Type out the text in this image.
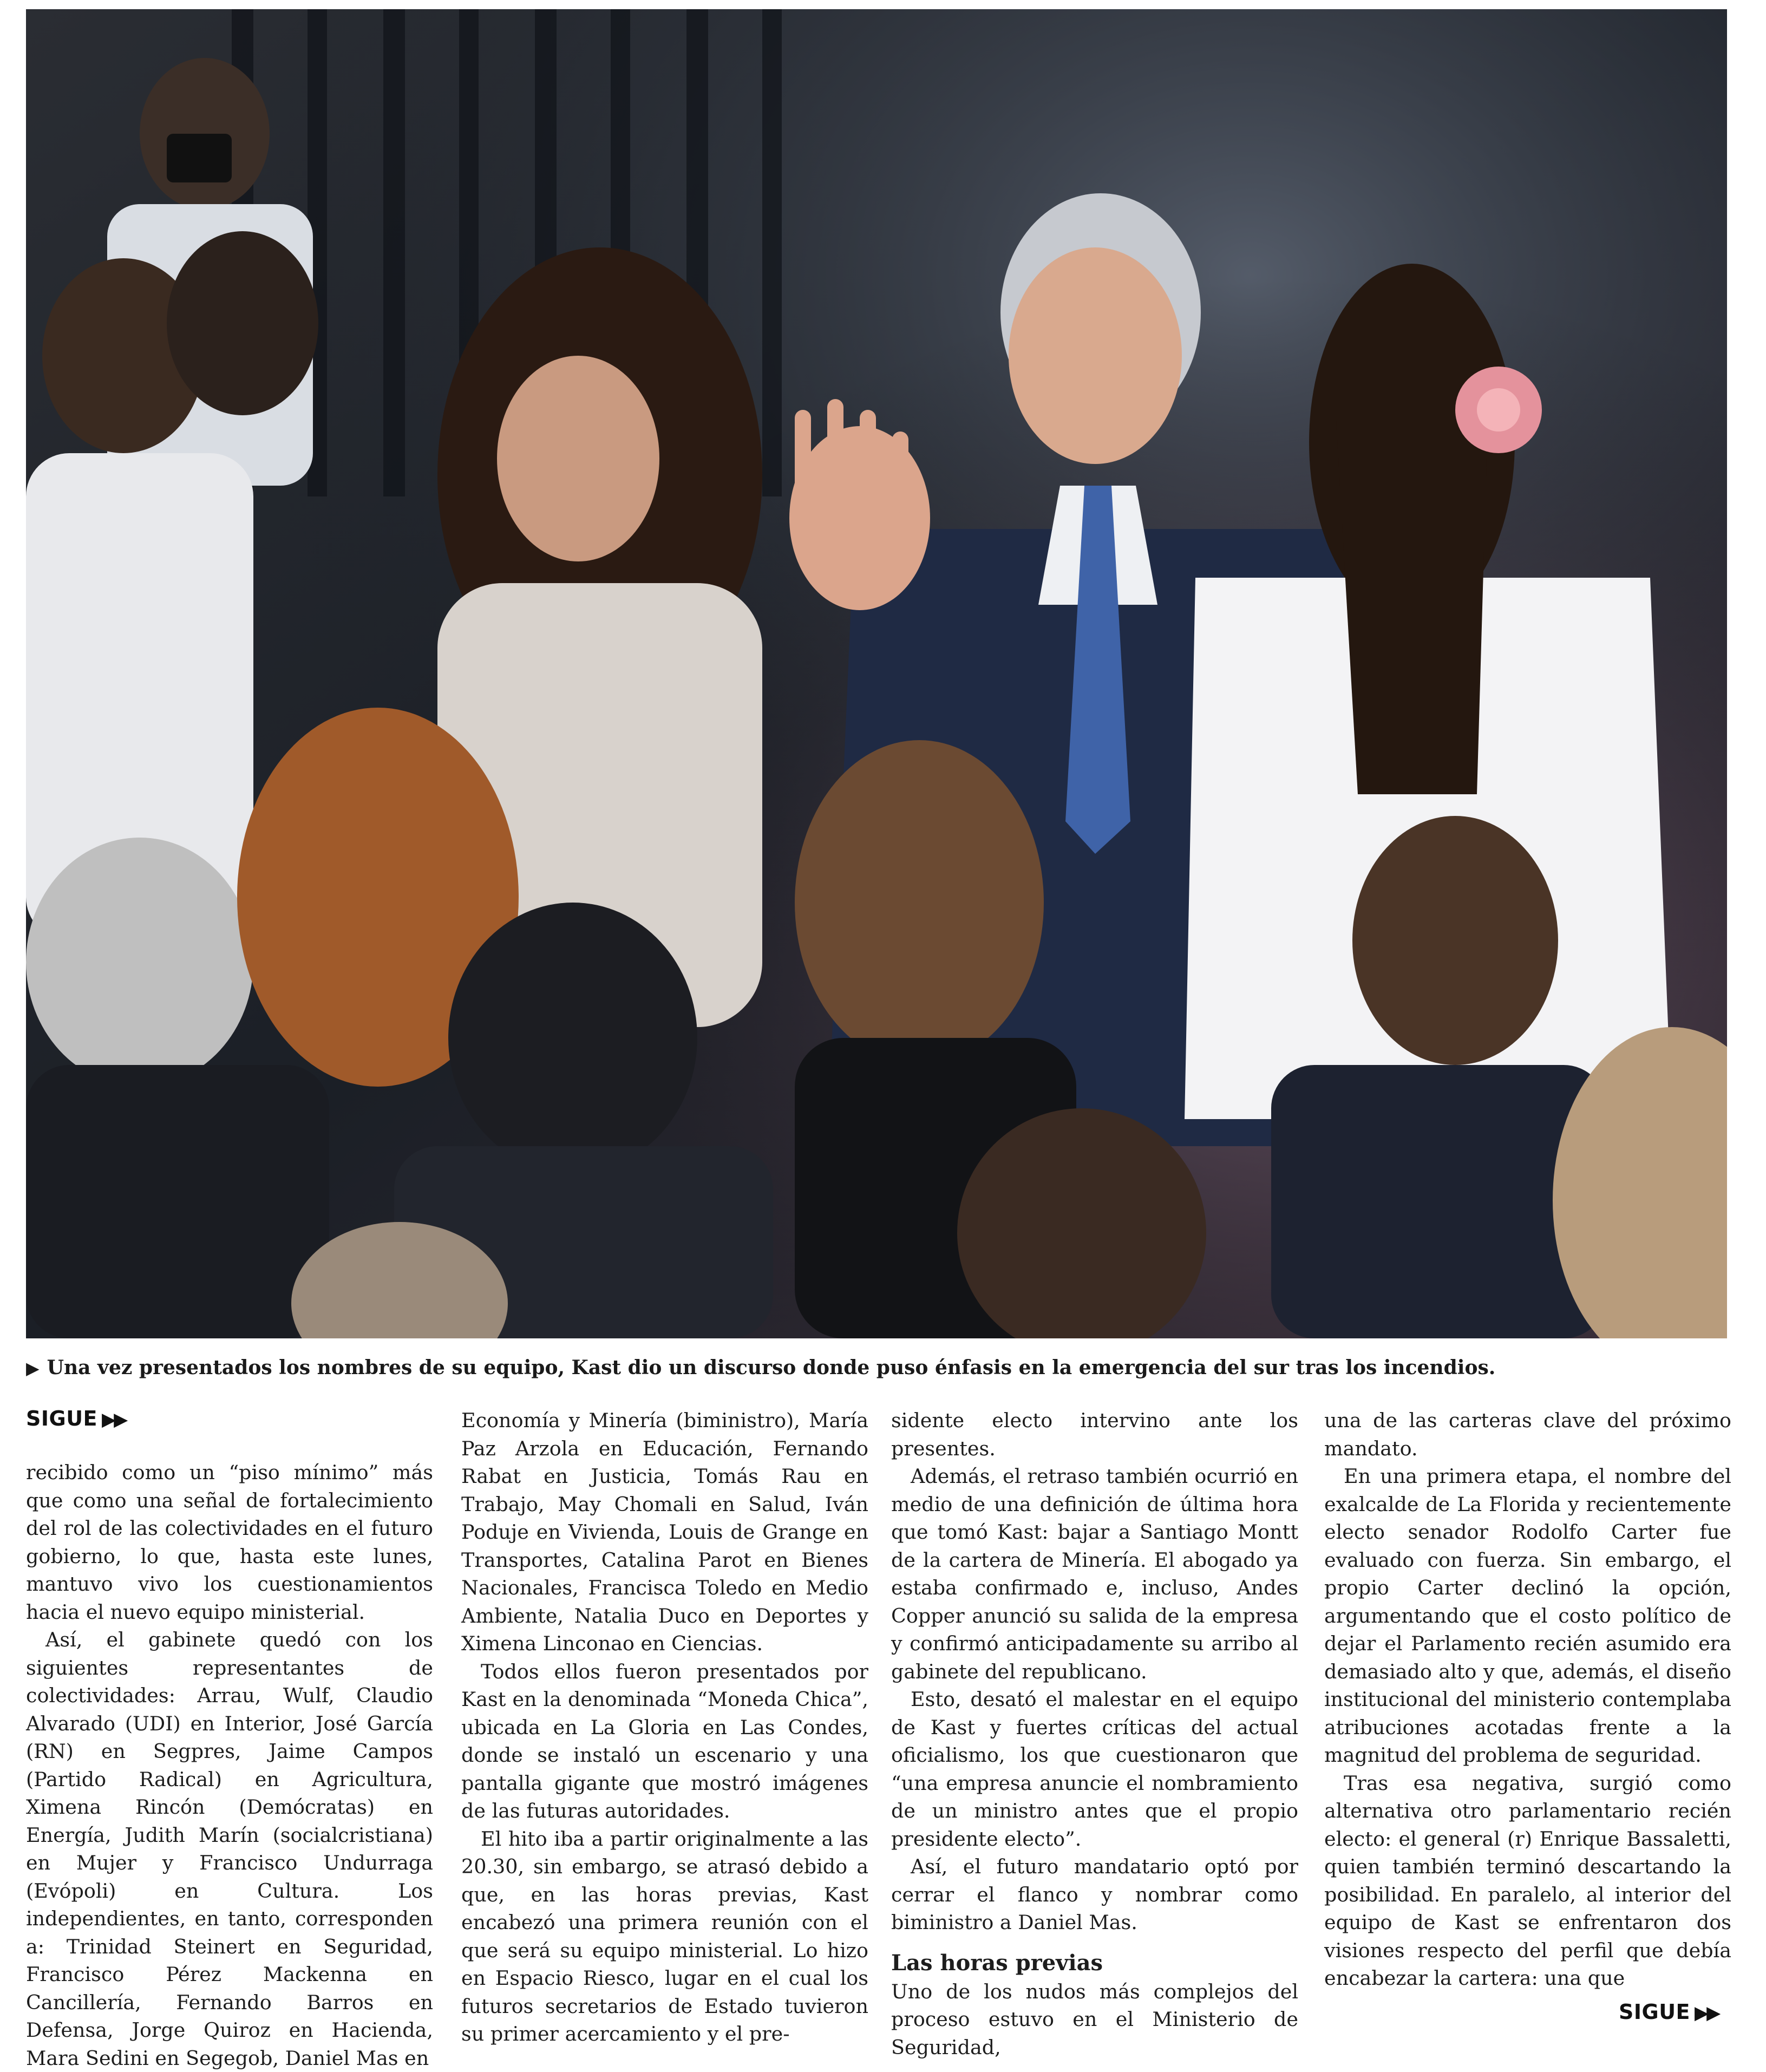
▶ Una vez presentados los nombres de su equipo, Kast dio un discurso donde puso énfasis en la emergencia del sur tras los incendios.
SIGUE ▶▶

recibido como un “piso mínimo” más que como una señal de fortalecimiento del rol de las colectividades en el futuro gobierno, lo que, hasta este lunes, mantuvo vivo los cuestionamientos hacia el nuevo equipo ministerial.

Así, el gabinete quedó con los siguientes representantes de colectividades: Arrau, Wulf, Claudio Alvarado (UDI) en Interior, José García (RN) en Segpres, Jaime Campos (Partido Radical) en Agricultura, Ximena Rincón (Demócratas) en Energía, Judith Marín (socialcristiana) en Mujer y Francisco Undurraga (Evópoli) en Cultura. Los independientes, en tanto, corresponden a: Trinidad Steinert en Seguridad, Francisco Pérez Mackenna en Cancillería, Fernando Barros en Defensa, Jorge Quiroz en Hacienda, Mara Sedini en Segegob, Daniel Mas en

Economía y Minería (biministro), María Paz Arzola en Educación, Fernando Rabat en Justicia, Tomás Rau en Trabajo, May Chomali en Salud, Iván Poduje en Vivienda, Louis de Grange en Transportes, Catalina Parot en Bienes Nacionales, Francisca Toledo en Medio Ambiente, Natalia Duco en Deportes y Ximena Linconao en Ciencias.

Todos ellos fueron presentados por Kast en la denominada “Moneda Chica”, ubicada en La Gloria en Las Condes, donde se instaló un escenario y una pantalla gigante que mostró imágenes de las futuras autoridades.

El hito iba a partir originalmente a las 20.30, sin embargo, se atrasó debido a que, en las horas previas, Kast encabezó una primera reunión con el que será su equipo ministerial. Lo hizo en Espacio Riesco, lugar en el cual los futuros secretarios de Estado tuvieron su primer acercamiento y el pre-

sidente electo intervino ante los presentes.

Además, el retraso también ocurrió en medio de una definición de última hora que tomó Kast: bajar a Santiago Montt de la cartera de Minería. El abogado ya estaba confirmado e, incluso, Andes Copper anunció su salida de la empresa y confirmó anticipadamente su arribo al gabinete del republicano.

Esto, desató el malestar en el equipo de Kast y fuertes críticas del actual oficialismo, los que cuestionaron que “una empresa anuncie el nombramiento de un ministro antes que el propio presidente electo”.

Así, el futuro mandatario optó por cerrar el flanco y nombrar como biministro a Daniel Mas.

Las horas previas

Uno de los nudos más complejos del proceso estuvo en el Ministerio de Seguridad,

una de las carteras clave del próximo mandato.

En una primera etapa, el nombre del exalcalde de La Florida y recientemente electo senador Rodolfo Carter fue evaluado con fuerza. Sin embargo, el propio Carter declinó la opción, argumentando que el costo político de dejar el Parlamento recién asumido era demasiado alto y que, además, el diseño institucional del ministerio contemplaba atribuciones acotadas frente a la magnitud del problema de seguridad.

Tras esa negativa, surgió como alternativa otro parlamentario recién electo: el general (r) Enrique Bassaletti, quien también terminó descartando la posibilidad. En paralelo, al interior del equipo de Kast se enfrentaron dos visiones respecto del perfil que debía encabezar la cartera: una que

SIGUE ▶▶
